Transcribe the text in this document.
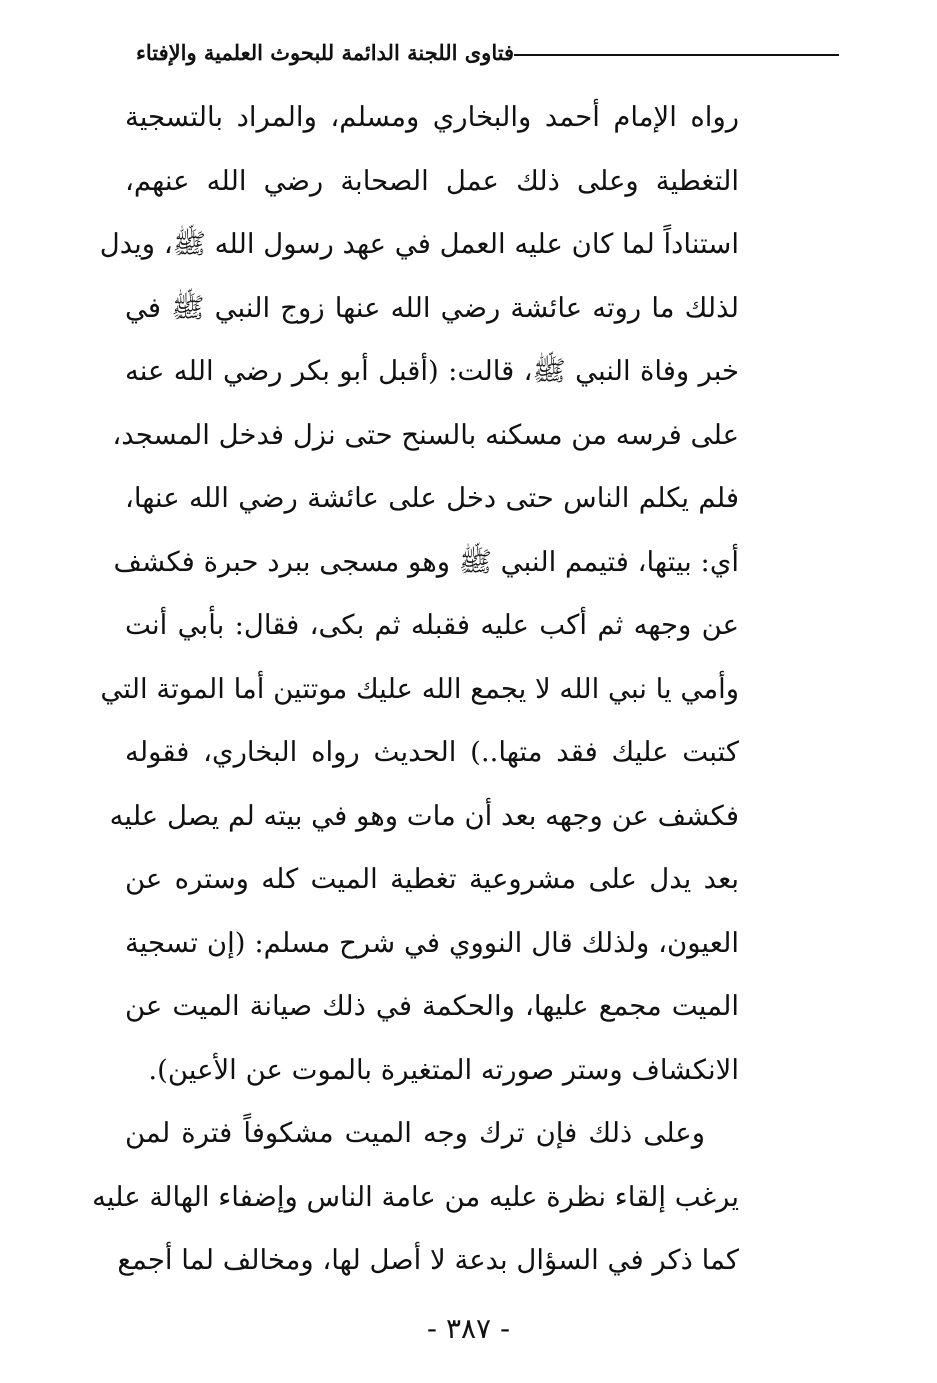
فتاوى اللجنة الدائمة للبحوث العلمية والإفتاء
رواه الإمام أحمد والبخاري ومسلم، والمراد بالتسجية
التغطية وعلى ذلك عمل الصحابة رضي الله عنهم،
استناداً لما كان عليه العمل في عهد رسول الله ﷺ، ويدل
لذلك ما روته عائشة رضي الله عنها زوج النبي ﷺ في
خبر وفاة النبي ﷺ، قالت: (أقبل أبو بكر رضي الله عنه
على فرسه من مسكنه بالسنح حتى نزل فدخل المسجد،
فلم يكلم الناس حتى دخل على عائشة رضي الله عنها،
أي: بيتها، فتيمم النبي ﷺ وهو مسجى ببرد حبرة فكشف
عن وجهه ثم أكب عليه فقبله ثم بكى، فقال: بأبي أنت
وأمي يا نبي الله لا يجمع الله عليك موتتين أما الموتة التي
كتبت عليك فقد متها..) الحديث رواه البخاري، فقوله
فكشف عن وجهه بعد أن مات وهو في بيته لم يصل عليه
بعد يدل على مشروعية تغطية الميت كله وستره عن
العيون، ولذلك قال النووي في شرح مسلم: (إن تسجية
الميت مجمع عليها، والحكمة في ذلك صيانة الميت عن
الانكشاف وستر صورته المتغيرة بالموت عن الأعين).
وعلى ذلك فإن ترك وجه الميت مشكوفاً فترة لمن
يرغب إلقاء نظرة عليه من عامة الناس وإضفاء الهالة عليه
كما ذكر في السؤال بدعة لا أصل لها، ومخالف لما أجمع
- ٣٨٧ -
